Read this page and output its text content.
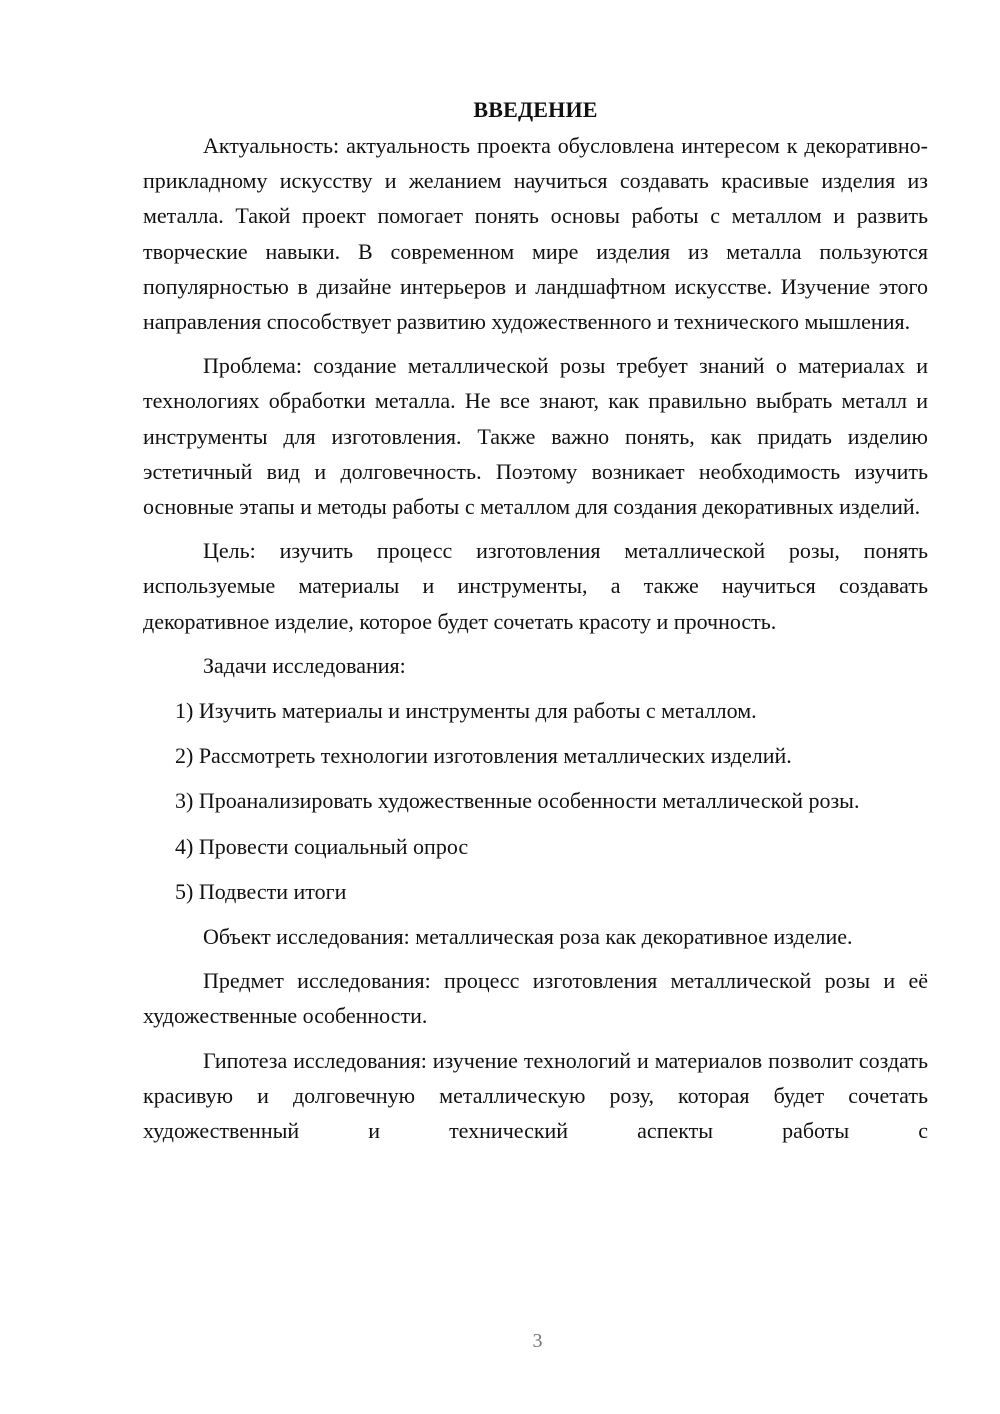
ВВЕДЕНИЕ

Актуальность: актуальность проекта обусловлена интересом к декоративно-прикладному искусству и желанием научиться создавать красивые изделия из металла. Такой проект помогает понять основы работы с металлом и развить творческие навыки. В современном мире изделия из металла пользуются популярностью в дизайне интерьеров и ландшафтном искусстве. Изучение этого направления способствует развитию художественного и технического мышления.

Проблема: создание металлической розы требует знаний о материалах и технологиях обработки металла. Не все знают, как правильно выбрать металл и инструменты для изготовления. Также важно понять, как придать изделию эстетичный вид и долговечность. Поэтому возникает необходимость изучить основные этапы и методы работы с металлом для создания декоративных изделий.

Цель: изучить процесс изготовления металлической розы, понять используемые материалы и инструменты, а также научиться создавать декоративное изделие, которое будет сочетать красоту и прочность.

Задачи исследования:

1) Изучить материалы и инструменты для работы с металлом.

2) Рассмотреть технологии изготовления металлических изделий.

3) Проанализировать художественные особенности металлической розы.

4) Провести социальный опрос

5) Подвести итоги

Объект исследования: металлическая роза как декоративное изделие.

Предмет исследования: процесс изготовления металлической розы и её художественные особенности.

Гипотеза исследования: изучение технологий и материалов позволит создать красивую и долговечную металлическую розу, которая будет сочетать художественный и технический аспекты работы с

3
